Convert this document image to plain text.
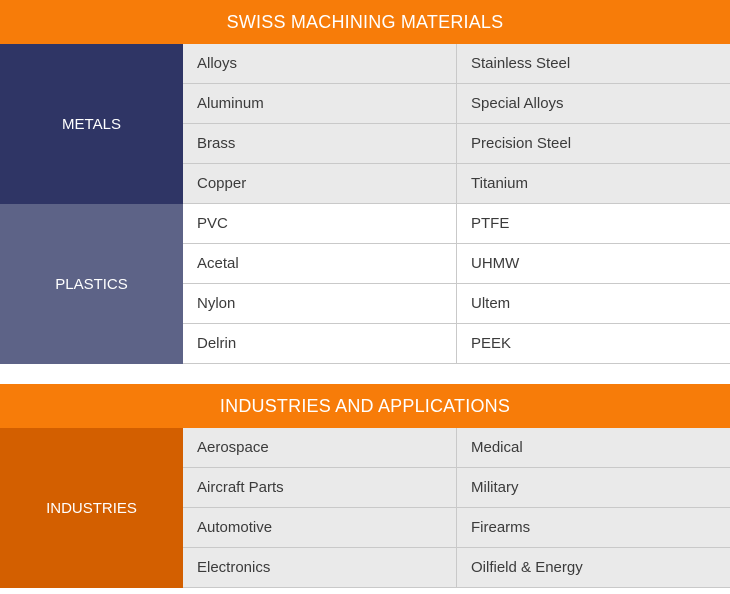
SWISS MACHINING MATERIALS
METALS
Alloys	Stainless Steel
Aluminum	Special Alloys
Brass	Precision Steel
Copper	Titanium
PLASTICS
PVC	PTFE
Acetal	UHMW
Nylon	Ultem
Delrin	PEEK
INDUSTRIES AND APPLICATIONS
INDUSTRIES
Aerospace	Medical
Aircraft Parts	Military
Automotive	Firearms
Electronics	Oilfield & Energy
